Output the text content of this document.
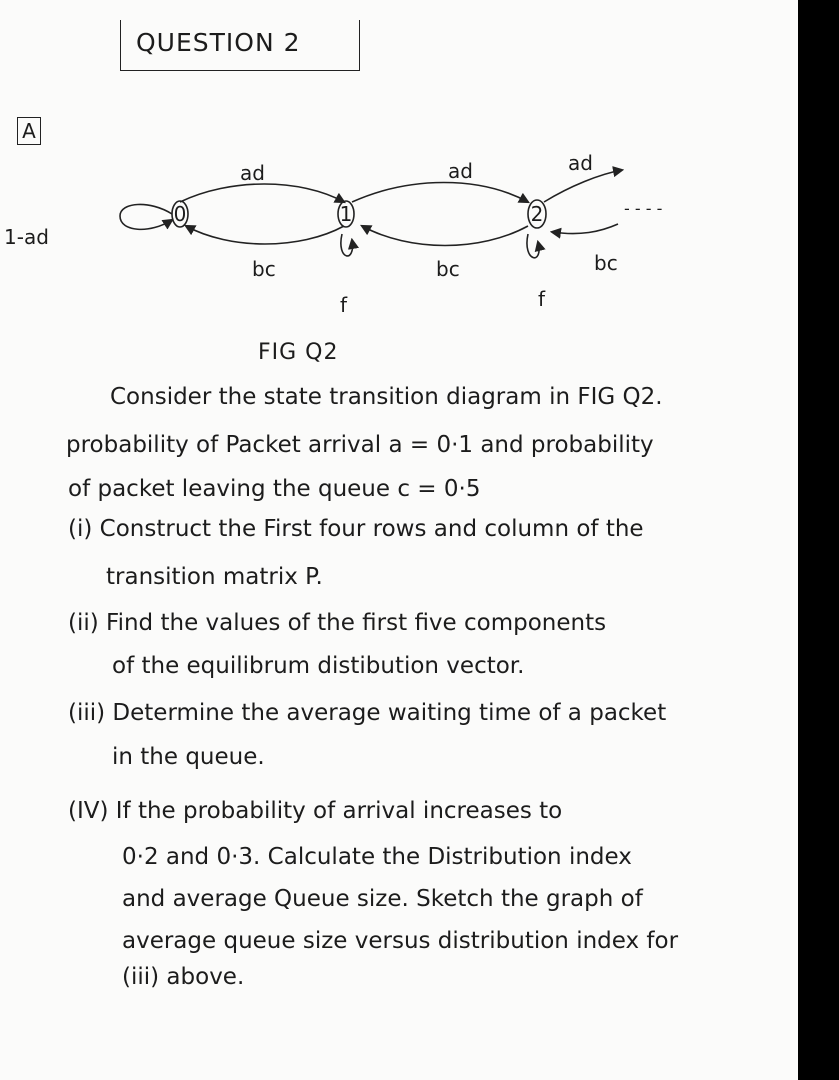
QUESTION 2
A
0	1	2
1-ad
ad	ad	ad
bc	bc	bc
f	f
- - - -
FIG Q2
Consider the state transition diagram in FIG Q2.
probability of Packet arrival a = 0·1 and probability
of packet leaving the queue c = 0·5
(i) Construct the First four rows and column of the
transition matrix P.
(ii) Find the values of the first five components
of the equilibrum distibution vector.
(iii) Determine the average waiting time of a packet
in the queue.
(IV) If the probability of arrival increases to
0·2 and 0·3. Calculate the Distribution index
and average Queue size. Sketch the graph of
average queue size versus distribution index for
(iii) above.
